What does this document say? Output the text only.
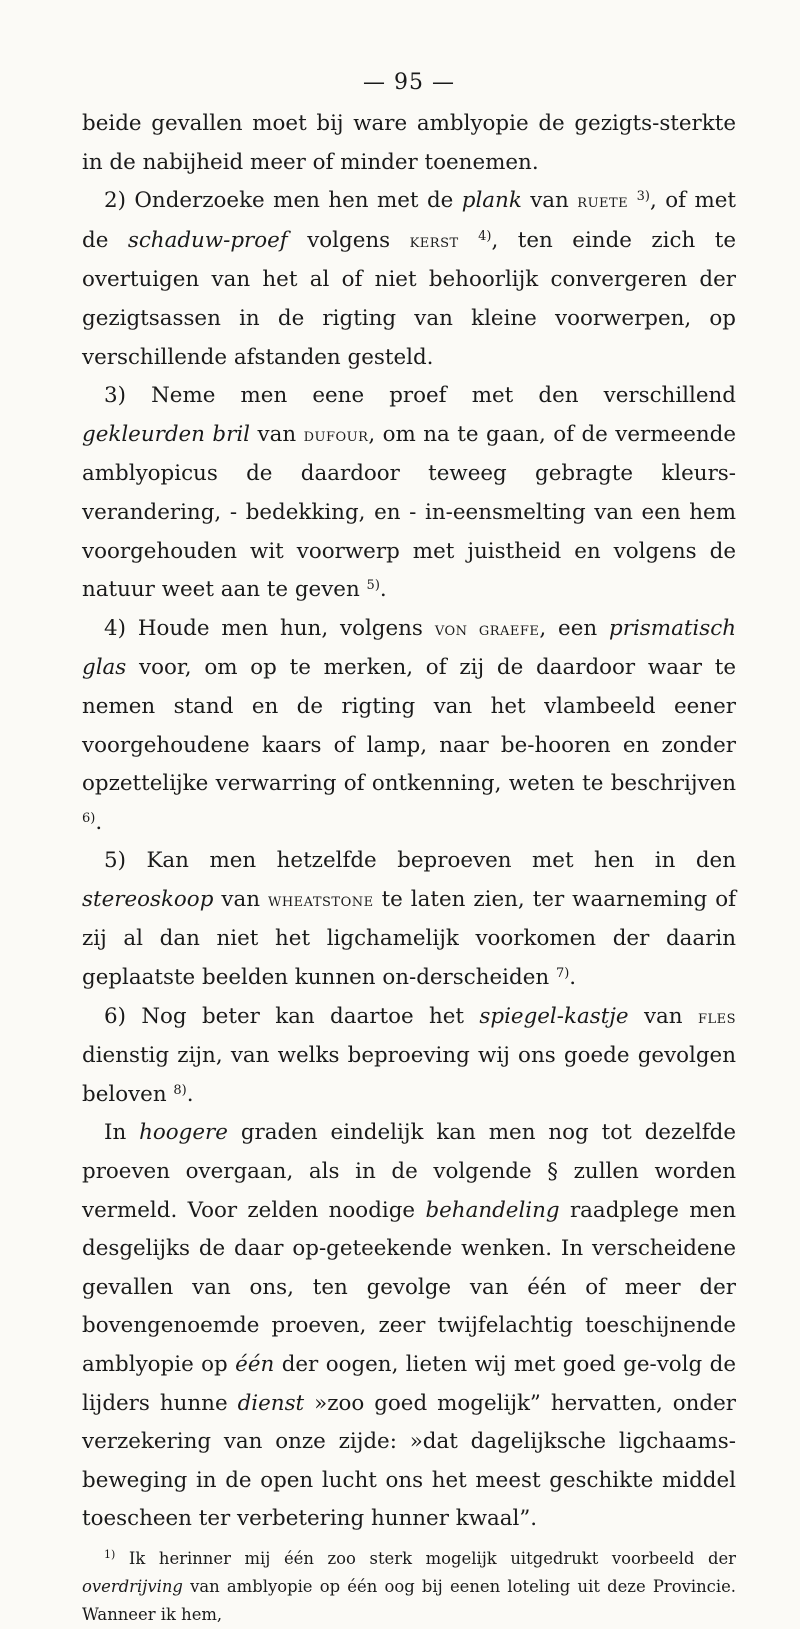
— 95 —

beide gevallen moet bij ware amblyopie de gezigts-sterkte in de nabijheid meer of minder toenemen.

2) Onderzoeke men hen met de plank van ruete $^{3)}$, of met de schaduw-proef volgens kerst $^{4)}$, ten einde zich te overtuigen van het al of niet behoorlijk convergeren der gezigtsassen in de rigting van kleine voorwerpen, op verschillende afstanden gesteld.

3) Neme men eene proef met den verschillend gekleurden bril van dufour, om na te gaan, of de vermeende amblyopicus de daardoor teweeg gebragte kleurs-verandering, - bedekking, en - in-eensmelting van een hem voorgehouden wit voorwerp met juistheid en volgens de natuur weet aan te geven $^{5)}$.

4) Houde men hun, volgens von graefe, een prismatisch glas voor, om op te merken, of zij de daardoor waar te nemen stand en de rigting van het vlambeeld eener voorgehoudene kaars of lamp, naar be-hooren en zonder opzettelijke verwarring of ontkenning, weten te beschrijven $^{6)}$.

5) Kan men hetzelfde beproeven met hen in den stereoskoop van wheatstone te laten zien, ter waarneming of zij al dan niet het ligchamelijk voorkomen der daarin geplaatste beelden kunnen on-derscheiden $^{7)}$.

6) Nog beter kan daartoe het spiegel-kastje van fles dienstig zijn, van welks beproeving wij ons goede gevolgen beloven $^{8)}$.

In hoogere graden eindelijk kan men nog tot dezelfde proeven overgaan, als in de volgende § zullen worden vermeld. Voor zelden noodige behandeling raadplege men desgelijks de daar op-geteekende wenken. In verscheidene gevallen van ons, ten gevolge van één of meer der bovengenoemde proeven, zeer twijfelachtig toeschijnende amblyopie op één der oogen, lieten wij met goed ge-volg de lijders hunne dienst »zoo goed mogelijk” hervatten, onder verzekering van onze zijde: »dat dagelijksche ligchaams-beweging in de open lucht ons het meest geschikte middel toescheen ter verbetering hunner kwaal”.

$^{1)}$ Ik herinner mij één zoo sterk mogelijk uitgedrukt voorbeeld der overdrijving van amblyopie op één oog bij eenen loteling uit deze Provincie. Wanneer ik hem,
